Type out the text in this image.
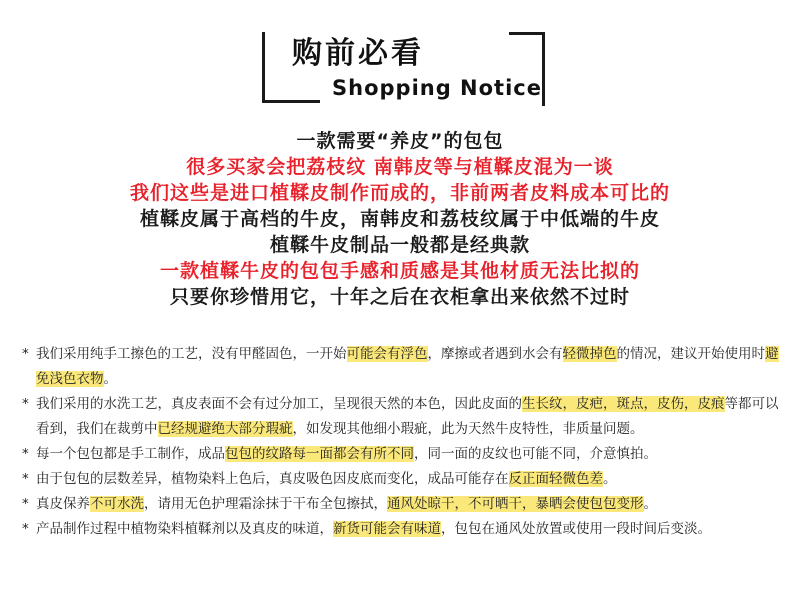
购前必看
Shopping Notice
一款需要“养皮”的包包
很多买家会把荔枝纹 南韩皮等与植鞣皮混为一谈
我们这些是进口植鞣皮制作而成的，非前两者皮料成本可比的
植鞣皮属于高档的牛皮，南韩皮和荔枝纹属于中低端的牛皮
植鞣牛皮制品一般都是经典款
一款植鞣牛皮的包包手感和质感是其他材质无法比拟的
只要你珍惜用它，十年之后在衣柜拿出来依然不过时
* 我们采用纯手工擦色的工艺，没有甲醛固色，一开始可能会有浮色，摩擦或者遇到水会有轻微掉色的情况，建议开始使用时避免浅色衣物。
* 我们采用的水洗工艺，真皮表面不会有过分加工，呈现很天然的本色，因此皮面的生长纹，皮疤，斑点，皮伤，皮痕等都可以看到，我们在裁剪中已经规避绝大部分瑕疵，如发现其他细小瑕疵，此为天然牛皮特性，非质量问题。
* 每一个包包都是手工制作，成品包包的纹路每一面都会有所不同，同一面的皮纹也可能不同，介意慎拍。
* 由于包包的层数差异，植物染料上色后，真皮吸色因皮底而变化，成品可能存在反正面轻微色差。
* 真皮保养不可水洗，请用无色护理霜涂抹于干布全包擦拭，通风处晾干，不可晒干，暴晒会使包包变形。
* 产品制作过程中植物染料植鞣剂以及真皮的味道，新货可能会有味道，包包在通风处放置或使用一段时间后变淡。
